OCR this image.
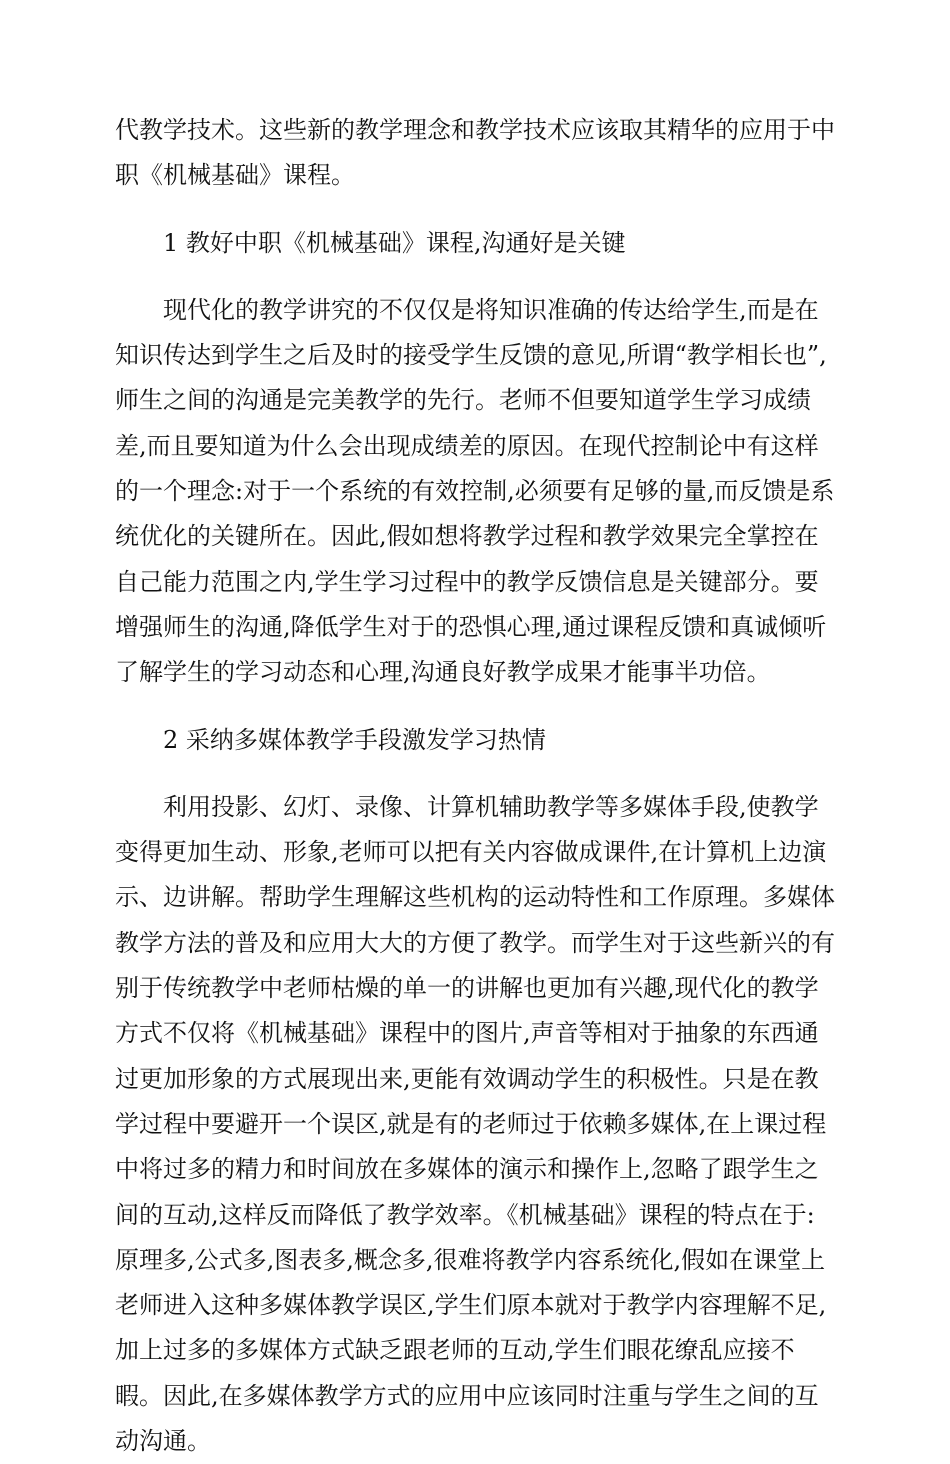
代教学技术。这些新的教学理念和教学技术应该取其精华的应用于中职《机械基础》课程。

1 教好中职《机械基础》课程,沟通好是关键

现代化的教学讲究的不仅仅是将知识准确的传达给学生,而是在知识传达到学生之后及时的接受学生反馈的意见,所谓“教学相长也”,师生之间的沟通是完美教学的先行。老师不但要知道学生学习成绩差,而且要知道为什么会出现成绩差的原因。在现代控制论中有这样的一个理念:对于一个系统的有效控制,必须要有足够的量,而反馈是系统优化的关键所在。因此,假如想将教学过程和教学效果完全掌控在自己能力范围之内,学生学习过程中的教学反馈信息是关键部分。要增强师生的沟通,降低学生对于的恐惧心理,通过课程反馈和真诚倾听了解学生的学习动态和心理,沟通良好教学成果才能事半功倍。

2 采纳多媒体教学手段激发学习热情

利用投影、幻灯、录像、计算机辅助教学等多媒体手段,使教学变得更加生动、形象,老师可以把有关内容做成课件,在计算机上边演示、边讲解。帮助学生理解这些机构的运动特性和工作原理。多媒体教学方法的普及和应用大大的方便了教学。而学生对于这些新兴的有别于传统教学中老师枯燥的单一的讲解也更加有兴趣,现代化的教学方式不仅将《机械基础》课程中的图片,声音等相对于抽象的东西通过更加形象的方式展现出来,更能有效调动学生的积极性。只是在教学过程中要避开一个误区,就是有的老师过于依赖多媒体,在上课过程中将过多的精力和时间放在多媒体的演示和操作上,忽略了跟学生之间的互动,这样反而降低了教学效率。《机械基础》课程的特点在于:原理多,公式多,图表多,概念多,很难将教学内容系统化,假如在课堂上老师进入这种多媒体教学误区,学生们原本就对于教学内容理解不足,加上过多的多媒体方式缺乏跟老师的互动,学生们眼花缭乱应接不暇。因此,在多媒体教学方式的应用中应该同时注重与学生之间的互动沟通。
